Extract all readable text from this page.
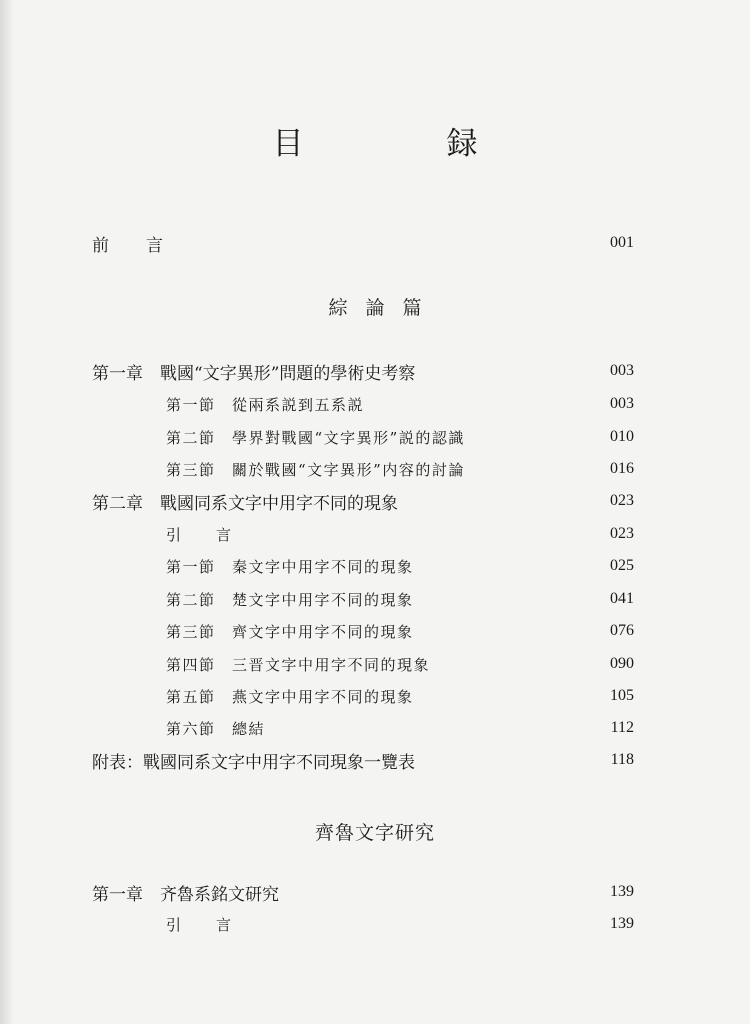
目　録
前　言	001
綜論篇
第一章　戰國“文字異形”問題的學術史考察	003
第一節　從兩系説到五系説	003
第二節　學界對戰國“文字異形”説的認識	010
第三節　關於戰國“文字異形”内容的討論	016
第二章　戰國同系文字中用字不同的現象	023
引　言	023
第一節　秦文字中用字不同的現象	025
第二節　楚文字中用字不同的現象	041
第三節　齊文字中用字不同的現象	076
第四節　三晋文字中用字不同的現象	090
第五節　燕文字中用字不同的現象	105
第六節　總結	112
附表：戰國同系文字中用字不同現象一覽表	118
齊魯文字研究
第一章　齐魯系銘文研究	139
引　言	139
